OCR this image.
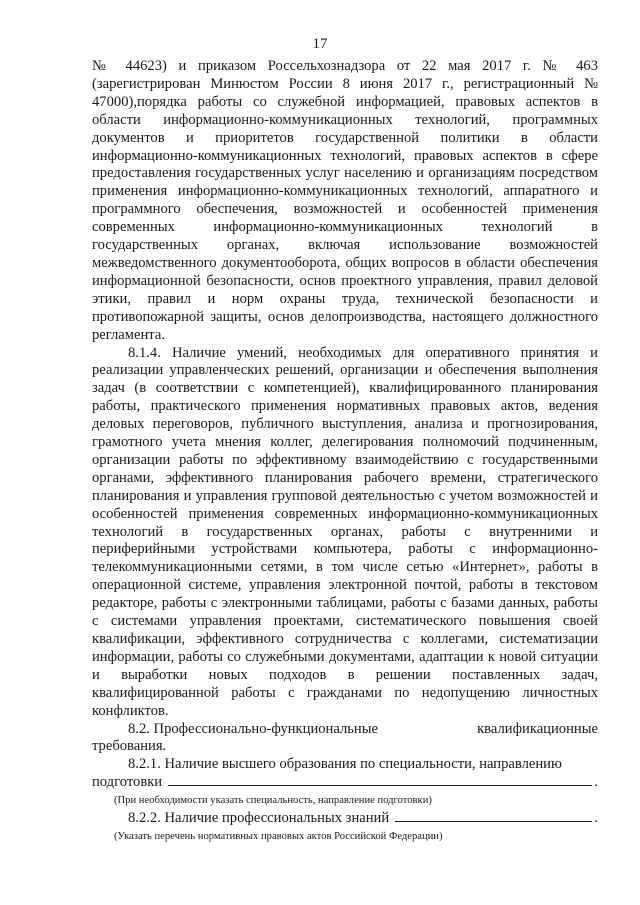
17

№ 44623) и приказом Россельхознадзора от 22 мая 2017 г. № 463 (зарегистрирован Минюстом России 8 июня 2017 г., регистрационный № 47000),порядка работы со служебной информацией, правовых аспектов в области информационно-коммуникационных технологий, программных документов и приоритетов государственной политики в области информационно-коммуникационных технологий, правовых аспектов в сфере предоставления государственных услуг населению и организациям посредством применения информационно-коммуникационных технологий, аппаратного и программного обеспечения, возможностей и особенностей применения современных информационно-коммуникационных технологий в государственных органах, включая использование возможностей межведомственного документооборота, общих вопросов в области обеспечения информационной безопасности, основ проектного управления, правил деловой этики, правил и норм охраны труда, технической безопасности и противопожарной защиты, основ делопроизводства, настоящего должностного регламента.

8.1.4. Наличие умений, необходимых для оперативного принятия и реализации управленческих решений, организации и обеспечения выполнения задач (в соответствии с компетенцией), квалифицированного планирования работы, практического применения нормативных правовых актов, ведения деловых переговоров, публичного выступления, анализа и прогнозирования, грамотного учета мнения коллег, делегирования полномочий подчиненным, организации работы по эффективному взаимодействию с государственными органами, эффективного планирования рабочего времени, стратегического планирования и управления групповой деятельностью с учетом возможностей и особенностей применения современных информационно-коммуникационных технологий в государственных органах, работы с внутренними и периферийными устройствами компьютера, работы с информационно-телекоммуникационными сетями, в том числе сетью «Интернет», работы в операционной системе, управления электронной почтой, работы в текстовом редакторе, работы с электронными таблицами, работы с базами данных, работы с системами управления проектами, систематического повышения своей квалификации, эффективного сотрудничества с коллегами, систематизации информации, работы со служебными документами, адаптации к новой ситуации и выработки новых подходов в решении поставленных задач, квалифицированной работы с гражданами по недопущению личностных конфликтов.

8.2. Профессионально-функциональные	квалификационные
требования.
8.2.1. Наличие высшего образования по специальности, направлению
подготовки	.
(При необходимости указать специальность, направление подготовки)
8.2.2. Наличие профессиональных знаний	.
(Указать перечень нормативных правовых актов Российской Федерации)
